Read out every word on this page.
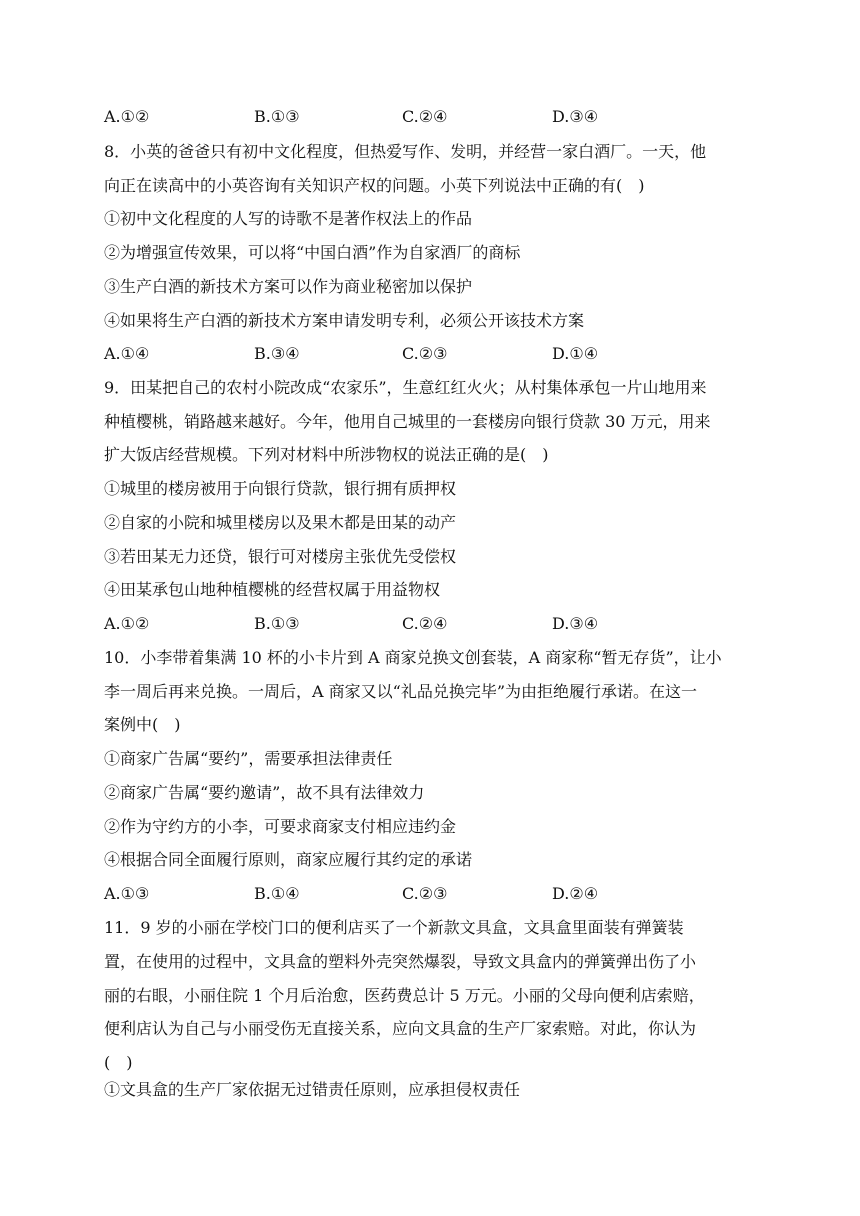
A.①②	B.①③	C.②④	D.③④
8．小英的爸爸只有初中文化程度，但热爱写作、发明，并经营一家白酒厂。一天，他
向正在读高中的小英咨询有关知识产权的问题。小英下列说法中正确的有(　)
①初中文化程度的人写的诗歌不是著作权法上的作品
②为增强宣传效果，可以将“中国白酒”作为自家酒厂的商标
③生产白酒的新技术方案可以作为商业秘密加以保护
④如果将生产白酒的新技术方案申请发明专利，必须公开该技术方案
A.①④	B.③④	C.②③	D.①④
9．田某把自己的农村小院改成“农家乐”，生意红红火火；从村集体承包一片山地用来
种植樱桃，销路越来越好。今年，他用自己城里的一套楼房向银行贷款 30 万元，用来
扩大饭店经营规模。下列对材料中所涉物权的说法正确的是(　)
①城里的楼房被用于向银行贷款，银行拥有质押权
②自家的小院和城里楼房以及果木都是田某的动产
③若田某无力还贷，银行可对楼房主张优先受偿权
④田某承包山地种植樱桃的经营权属于用益物权
A.①②	B.①③	C.②④	D.③④
10．小李带着集满 10 杯的小卡片到 A 商家兑换文创套装，A 商家称“暂无存货”，让小
李一周后再来兑换。一周后，A 商家又以“礼品兑换完毕”为由拒绝履行承诺。在这一
案例中(　)
①商家广告属“要约”，需要承担法律责任
②商家广告属“要约邀请”，故不具有法律效力
②作为守约方的小李，可要求商家支付相应违约金
④根据合同全面履行原则，商家应履行其约定的承诺
A.①③	B.①④	C.②③	D.②④
11．9 岁的小丽在学校门口的便利店买了一个新款文具盒，文具盒里面装有弹簧装
置，在使用的过程中，文具盒的塑料外壳突然爆裂，导致文具盒内的弹簧弹出伤了小
丽的右眼，小丽住院 1 个月后治愈，医药费总计 5 万元。小丽的父母向便利店索赔，
便利店认为自己与小丽受伤无直接关系，应向文具盒的生产厂家索赔。对此，你认为
(　)
①文具盒的生产厂家依据无过错责任原则，应承担侵权责任
